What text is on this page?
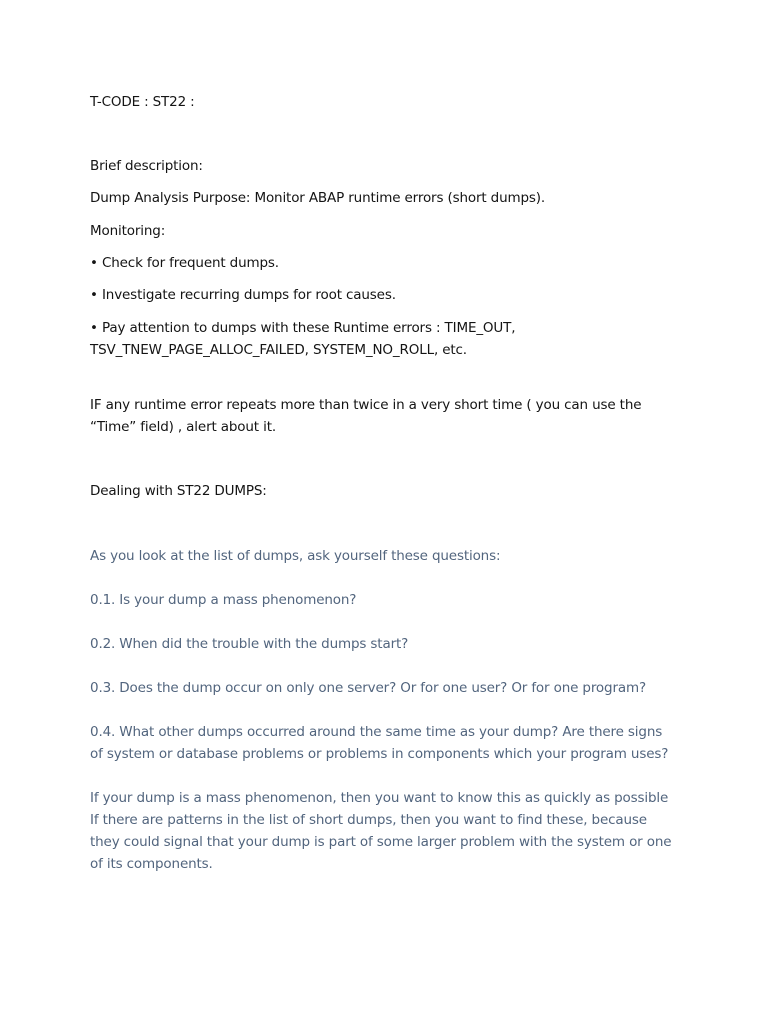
T-CODE : ST22 :
Brief description:
Dump Analysis Purpose: Monitor ABAP runtime errors (short dumps).
Monitoring:
• Check for frequent dumps.
• Investigate recurring dumps for root causes.
• Pay attention to dumps with these Runtime errors : TIME_OUT, TSV_TNEW_PAGE_ALLOC_FAILED, SYSTEM_NO_ROLL, etc.
IF any runtime error repeats more than twice in a very short time ( you can use the “Time” field) , alert about it.
Dealing with ST22 DUMPS:
As you look at the list of dumps, ask yourself these questions:
0.1. Is your dump a mass phenomenon?
0.2. When did the trouble with the dumps start?
0.3. Does the dump occur on only one server? Or for one user? Or for one program?
0.4. What other dumps occurred around the same time as your dump? Are there signs of system or database problems or problems in components which your program uses?
If your dump is a mass phenomenon, then you want to know this as quickly as possible If there are patterns in the list of short dumps, then you want to find these, because they could signal that your dump is part of some larger problem with the system or one of its components.
